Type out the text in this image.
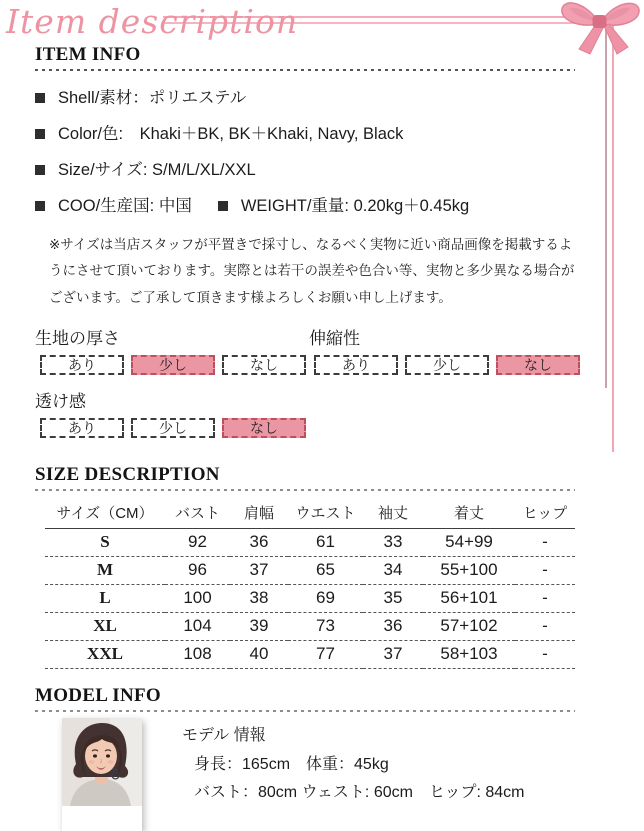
Item description
ITEM INFO
Shell/素材：ポリエステル
Color/色:　Khaki＋BK, BK＋Khaki, Navy, Black
Size/サイズ: S/M/L/XL/XXL
COO/生産国: 中国	WEIGHT/重量: 0.20kg＋0.45kg

※サイズは当店スタッフが平置きで採寸し、なるべく実物に近い商品画像を掲載するようにさせて頂いております。実際とは若干の誤差や色合い等、実物と多少異なる場合がございます。ご了承して頂きます様よろしくお願い申し上げます。

生地の厚さ
あり	少し	なし
伸縮性
あり	少し	なし
透け感
あり	少し	なし
SIZE DESCRIPTION
サイズ（CM）	バスト	肩幅	ウエスト	袖丈	着丈	ヒップ
S	92	36	61	33	54+99	-
M	96	37	65	34	55+100	-
L	100	38	69	35	56+101	-
XL	104	39	73	36	57+102	-
XXL	108	40	77	37	58+103	-
MODEL INFO
モデル 情報
身長：165cm　体重：45kg
バスト：80cm ウェスト: 60cm　ヒップ: 84cm
